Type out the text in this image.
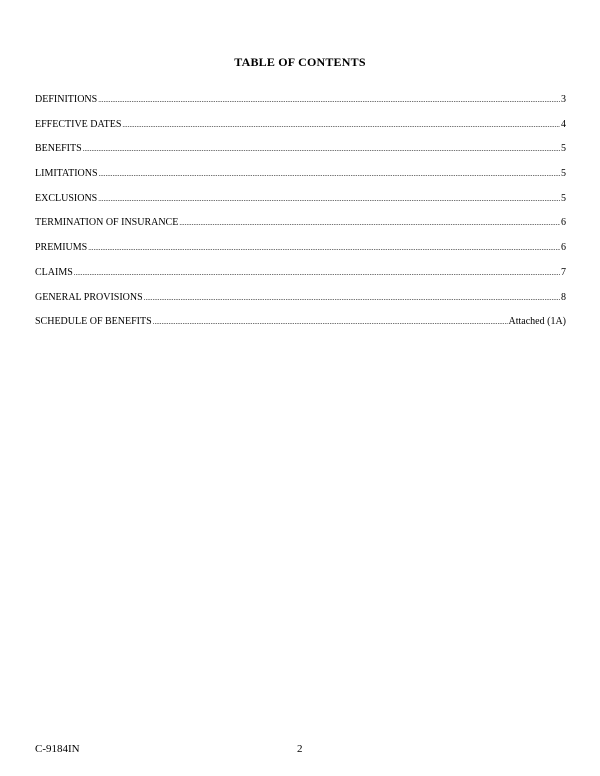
TABLE OF CONTENTS
DEFINITIONS .....	3
EFFECTIVE DATES .....	4
BENEFITS .....	5
LIMITATIONS .....	5
EXCLUSIONS .....	5
TERMINATION OF INSURANCE .....	6
PREMIUMS .....	6
CLAIMS .....	7
GENERAL PROVISIONS .....	8
SCHEDULE OF BENEFITS .....	Attached (1A)
C-9184IN	2
